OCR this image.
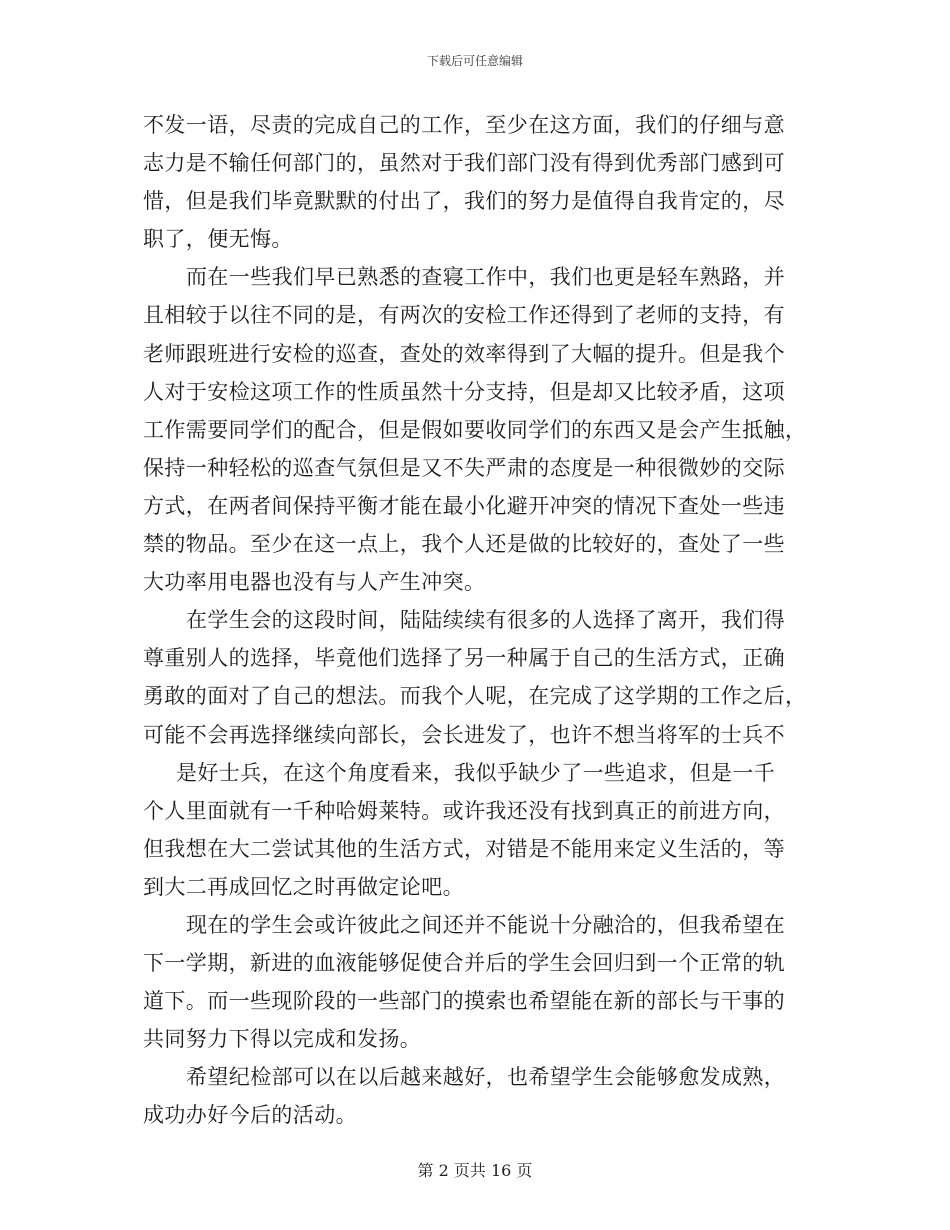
下载后可任意编辑
不发一语，尽责的完成自己的工作，至少在这方面，我们的仔细与意
志力是不输任何部门的，虽然对于我们部门没有得到优秀部门感到可
惜，但是我们毕竟默默的付出了，我们的努力是值得自我肯定的，尽
职了，便无悔。
而在一些我们早已熟悉的查寝工作中，我们也更是轻车熟路，并
且相较于以往不同的是，有两次的安检工作还得到了老师的支持，有
老师跟班进行安检的巡查，查处的效率得到了大幅的提升。但是我个
人对于安检这项工作的性质虽然十分支持，但是却又比较矛盾，这项
工作需要同学们的配合，但是假如要收同学们的东西又是会产生抵触，
保持一种轻松的巡查气氛但是又不失严肃的态度是一种很微妙的交际
方式，在两者间保持平衡才能在最小化避开冲突的情况下查处一些违
禁的物品。至少在这一点上，我个人还是做的比较好的，查处了一些
大功率用电器也没有与人产生冲突。
在学生会的这段时间，陆陆续续有很多的人选择了离开，我们得
尊重别人的选择，毕竟他们选择了另一种属于自己的生活方式，正确
勇敢的面对了自己的想法。而我个人呢，在完成了这学期的工作之后，
可能不会再选择继续向部长，会长进发了，也许不想当将军的士兵不
是好士兵，在这个角度看来，我似乎缺少了一些追求，但是一千
个人里面就有一千种哈姆莱特。或许我还没有找到真正的前进方向，
但我想在大二尝试其他的生活方式，对错是不能用来定义生活的，等
到大二再成回忆之时再做定论吧。
现在的学生会或许彼此之间还并不能说十分融洽的，但我希望在
下一学期，新进的血液能够促使合并后的学生会回归到一个正常的轨
道下。而一些现阶段的一些部门的摸索也希望能在新的部长与干事的
共同努力下得以完成和发扬。
希望纪检部可以在以后越来越好，也希望学生会能够愈发成熟，
成功办好今后的活动。
第 2 页共 16 页
